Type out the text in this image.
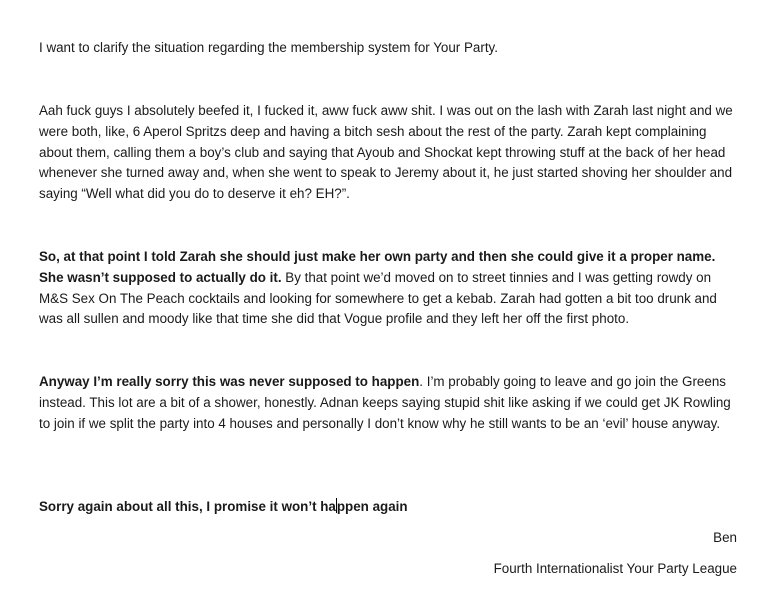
I want to clarify the situation regarding the membership system for Your Party.

Aah fuck guys I absolutely beefed it, I fucked it, aww fuck aww shit. I was out on the lash with Zarah last night and we were both, like, 6 Aperol Spritzs deep and having a bitch sesh about the rest of the party. Zarah kept complaining about them, calling them a boy’s club and saying that Ayoub and Shockat kept throwing stuff at the back of her head whenever she turned away and, when she went to speak to Jeremy about it, he just started shoving her shoulder and saying “Well what did you do to deserve it eh? EH?”.

So, at that point I told Zarah she should just make her own party and then she could give it a proper name. She wasn’t supposed to actually do it. By that point we’d moved on to street tinnies and I was getting rowdy on M&S Sex On The Peach cocktails and looking for somewhere to get a kebab. Zarah had gotten a bit too drunk and was all sullen and moody like that time she did that Vogue profile and they left her off the first photo.

Anyway I’m really sorry this was never supposed to happen. I’m probably going to leave and go join the Greens instead. This lot are a bit of a shower, honestly. Adnan keeps saying stupid shit like asking if we could get JK Rowling to join if we split the party into 4 houses and personally I don’t know why he still wants to be an ‘evil’ house anyway.

Sorry again about all this, I promise it won’t happen again

Ben

Fourth Internationalist Your Party League
